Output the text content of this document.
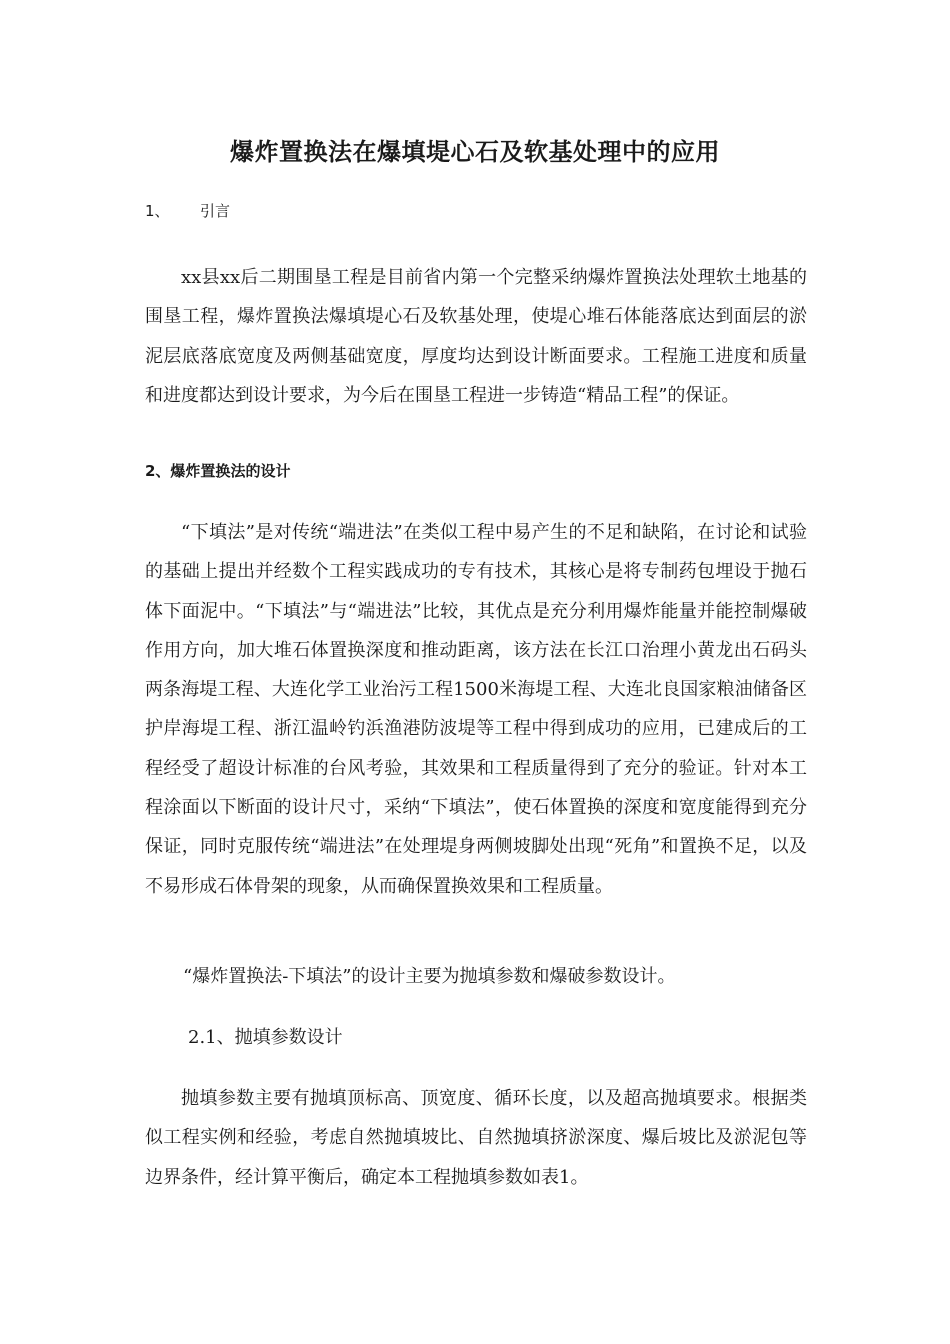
爆炸置换法在爆填堤心石及软基处理中的应用
1、 引言

xx县xx后二期围垦工程是目前省内第一个完整采纳爆炸置换法处理软土地基的围垦工程，爆炸置换法爆填堤心石及软基处理，使堤心堆石体能落底达到面层的淤泥层底落底宽度及两侧基础宽度，厚度均达到设计断面要求。工程施工进度和质量和进度都达到设计要求，为今后在围垦工程进一步铸造“精品工程”的保证。

2、爆炸置换法的设计

“下填法”是对传统“端进法”在类似工程中易产生的不足和缺陷，在讨论和试验的基础上提出并经数个工程实践成功的专有技术，其核心是将专制药包埋设于抛石体下面泥中。“下填法”与“端进法”比较，其优点是充分利用爆炸能量并能控制爆破作用方向，加大堆石体置换深度和推动距离，该方法在长江口治理小黄龙出石码头两条海堤工程、大连化学工业治污工程1500米海堤工程、大连北良国家粮油储备区护岸海堤工程、浙江温岭钓浜渔港防波堤等工程中得到成功的应用，已建成后的工程经受了超设计标准的台风考验，其效果和工程质量得到了充分的验证。针对本工程涂面以下断面的设计尺寸，采纳“下填法”，使石体置换的深度和宽度能得到充分保证，同时克服传统“端进法”在处理堤身两侧坡脚处出现“死角”和置换不足，以及不易形成石体骨架的现象，从而确保置换效果和工程质量。

“爆炸置换法-下填法”的设计主要为抛填参数和爆破参数设计。
2.1、抛填参数设计

抛填参数主要有抛填顶标高、顶宽度、循环长度，以及超高抛填要求。根据类似工程实例和经验，考虑自然抛填坡比、自然抛填挤淤深度、爆后坡比及淤泥包等边界条件，经计算平衡后，确定本工程抛填参数如表1。
